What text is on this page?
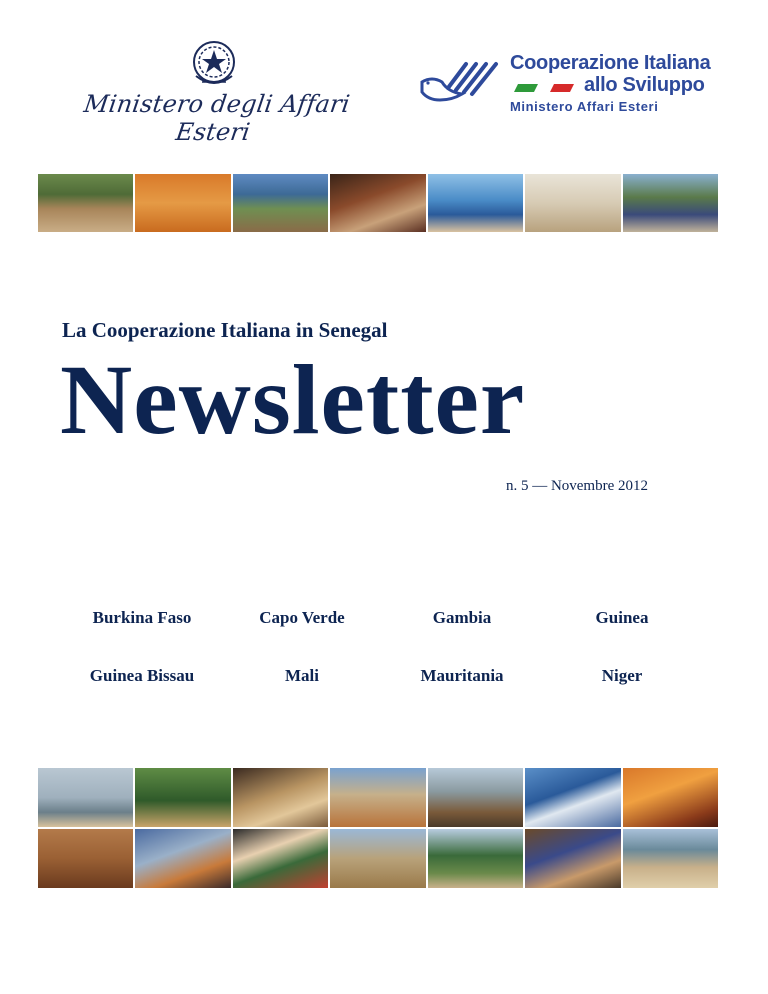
Ministero degli Affari Esteri
Cooperazione Italiana
allo Sviluppo
Ministero Affari Esteri
La Cooperazione Italiana in Senegal
Newsletter
n. 5 — Novembre 2012
Burkina Faso	Capo Verde	Gambia	Guinea
Guinea Bissau	Mali	Mauritania	Niger
